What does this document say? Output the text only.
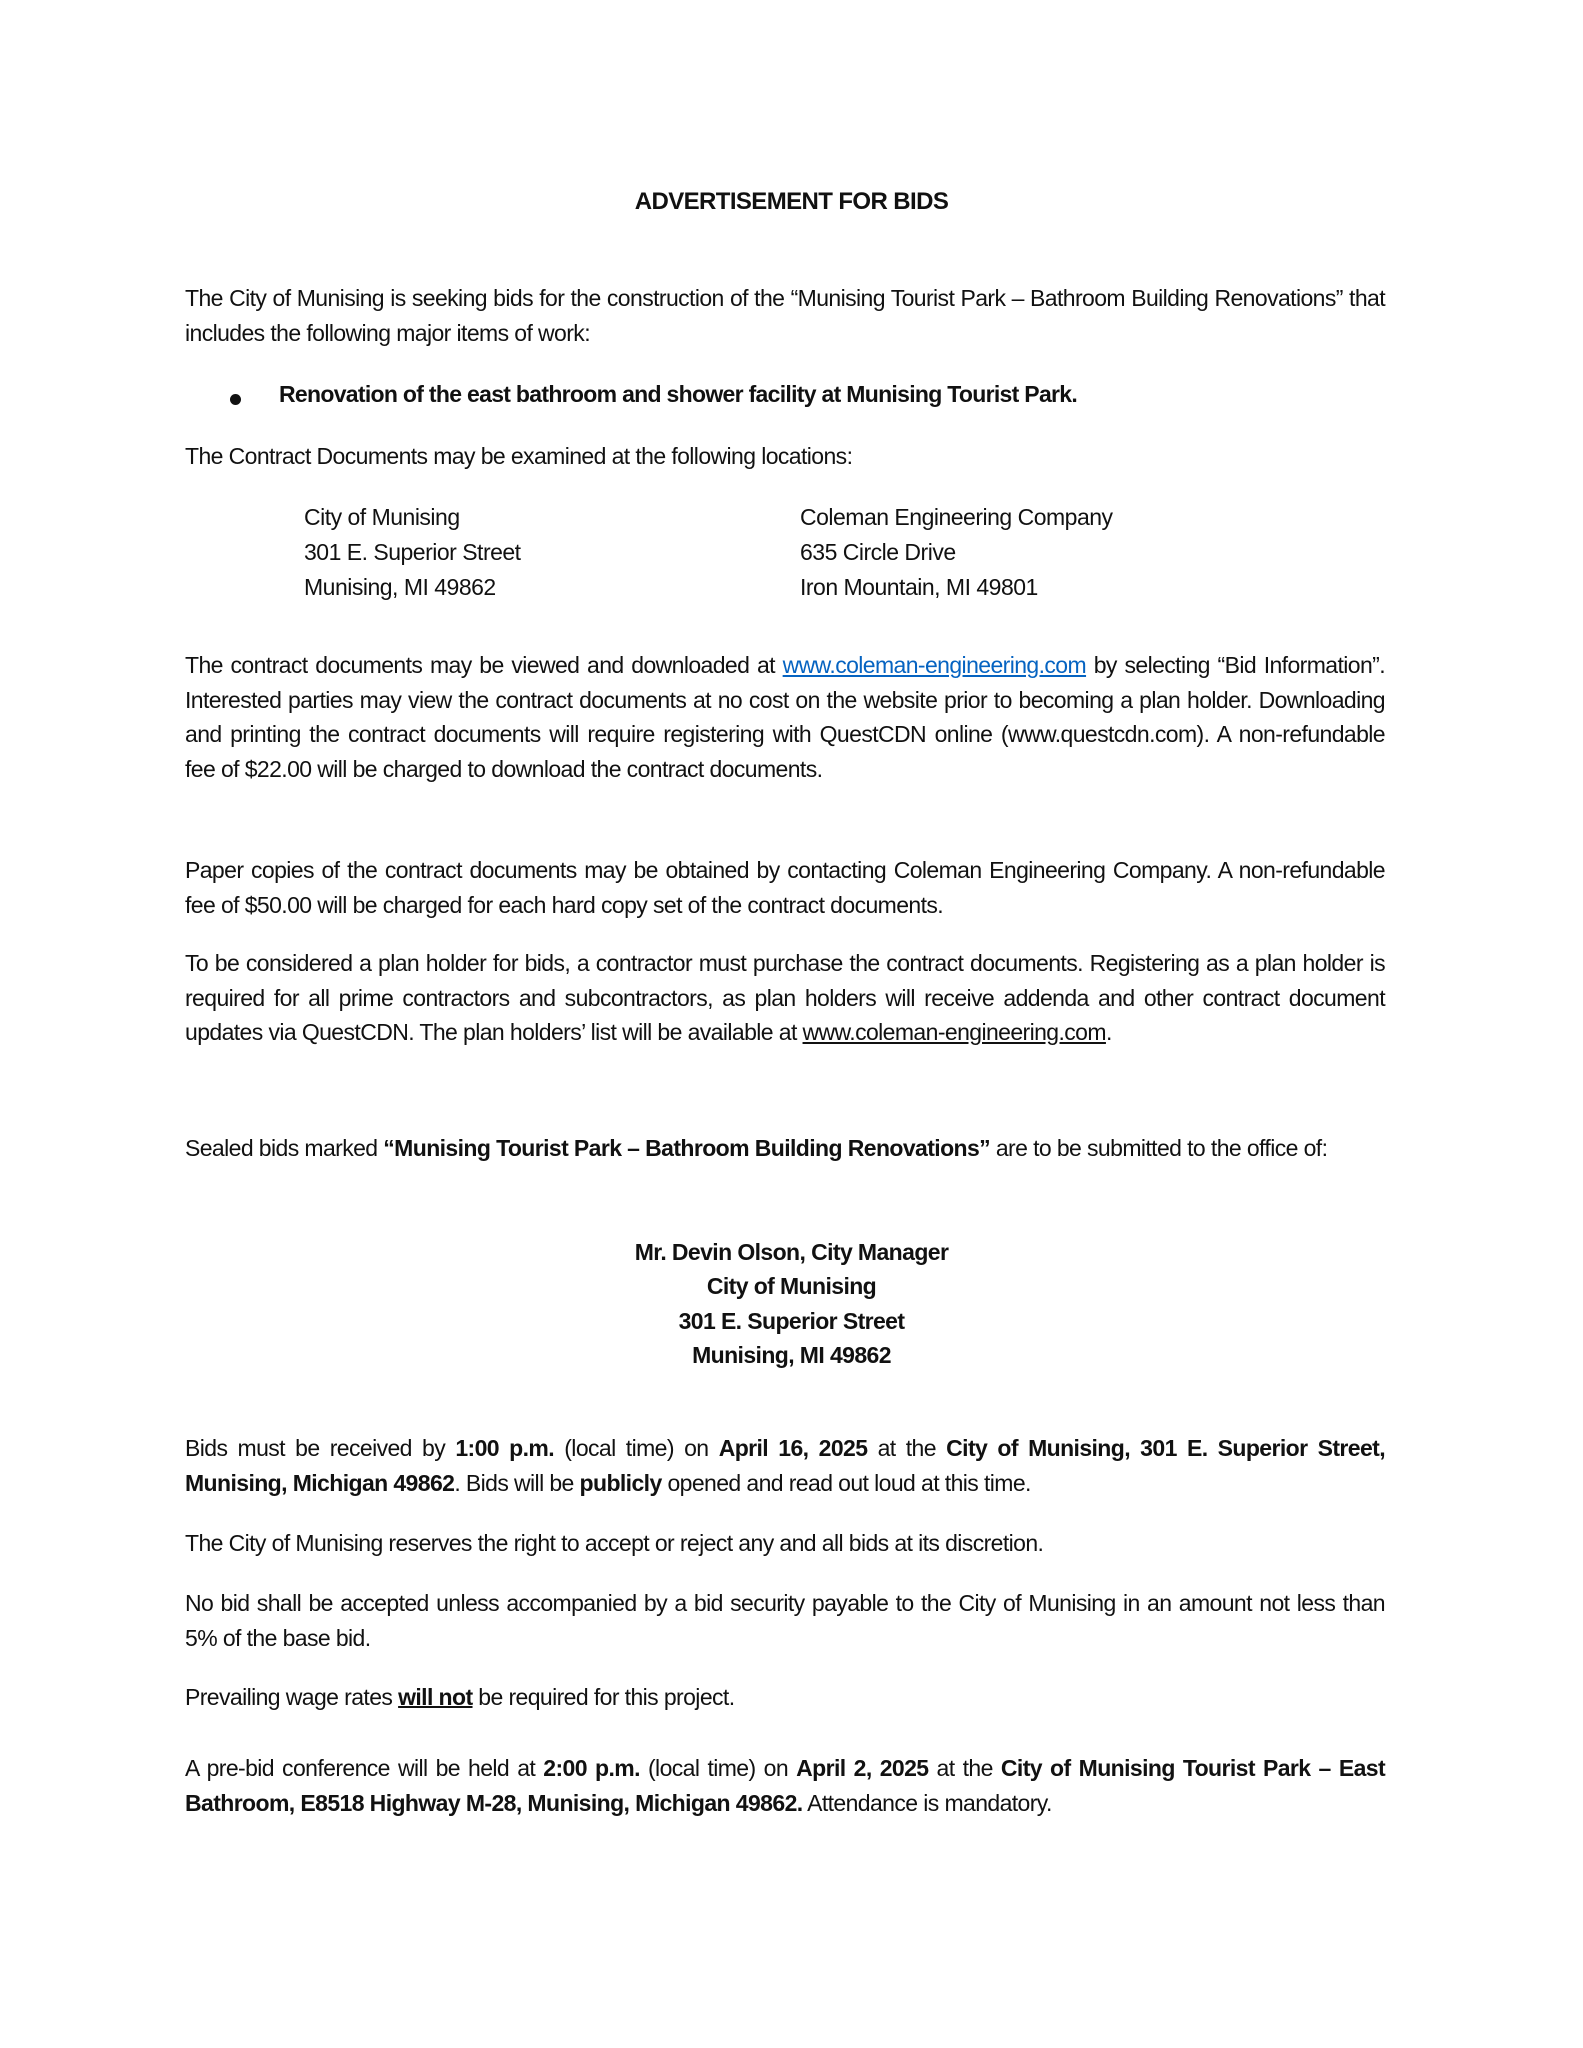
ADVERTISEMENT FOR BIDS
The City of Munising is seeking bids for the construction of the “Munising Tourist Park – Bathroom Building Renovations” that includes the following major items of work:
Renovation of the east bathroom and shower facility at Munising Tourist Park.
The Contract Documents may be examined at the following locations:
City of Munising
301 E. Superior Street
Munising, MI 49862
Coleman Engineering Company
635 Circle Drive
Iron Mountain, MI 49801
The contract documents may be viewed and downloaded at www.coleman-engineering.com by selecting “Bid Information”. Interested parties may view the contract documents at no cost on the website prior to becoming a plan holder. Downloading and printing the contract documents will require registering with QuestCDN online (www.questcdn.com). A non-refundable fee of $22.00 will be charged to download the contract documents.
Paper copies of the contract documents may be obtained by contacting Coleman Engineering Company. A non-refundable fee of $50.00 will be charged for each hard copy set of the contract documents.
To be considered a plan holder for bids, a contractor must purchase the contract documents. Registering as a plan holder is required for all prime contractors and subcontractors, as plan holders will receive addenda and other contract document updates via QuestCDN. The plan holders’ list will be available at www.coleman-engineering.com.
Sealed bids marked “Munising Tourist Park – Bathroom Building Renovations” are to be submitted to the office of:
Mr. Devin Olson, City Manager
City of Munising
301 E. Superior Street
Munising, MI 49862
Bids must be received by 1:00 p.m. (local time) on April 16, 2025 at the City of Munising, 301 E. Superior Street, Munising, Michigan 49862. Bids will be publicly opened and read out loud at this time.
The City of Munising reserves the right to accept or reject any and all bids at its discretion.
No bid shall be accepted unless accompanied by a bid security payable to the City of Munising in an amount not less than 5% of the base bid.
Prevailing wage rates will not be required for this project.
A pre-bid conference will be held at 2:00 p.m. (local time) on April 2, 2025 at the City of Munising Tourist Park – East Bathroom, E8518 Highway M-28, Munising, Michigan 49862. Attendance is mandatory.
